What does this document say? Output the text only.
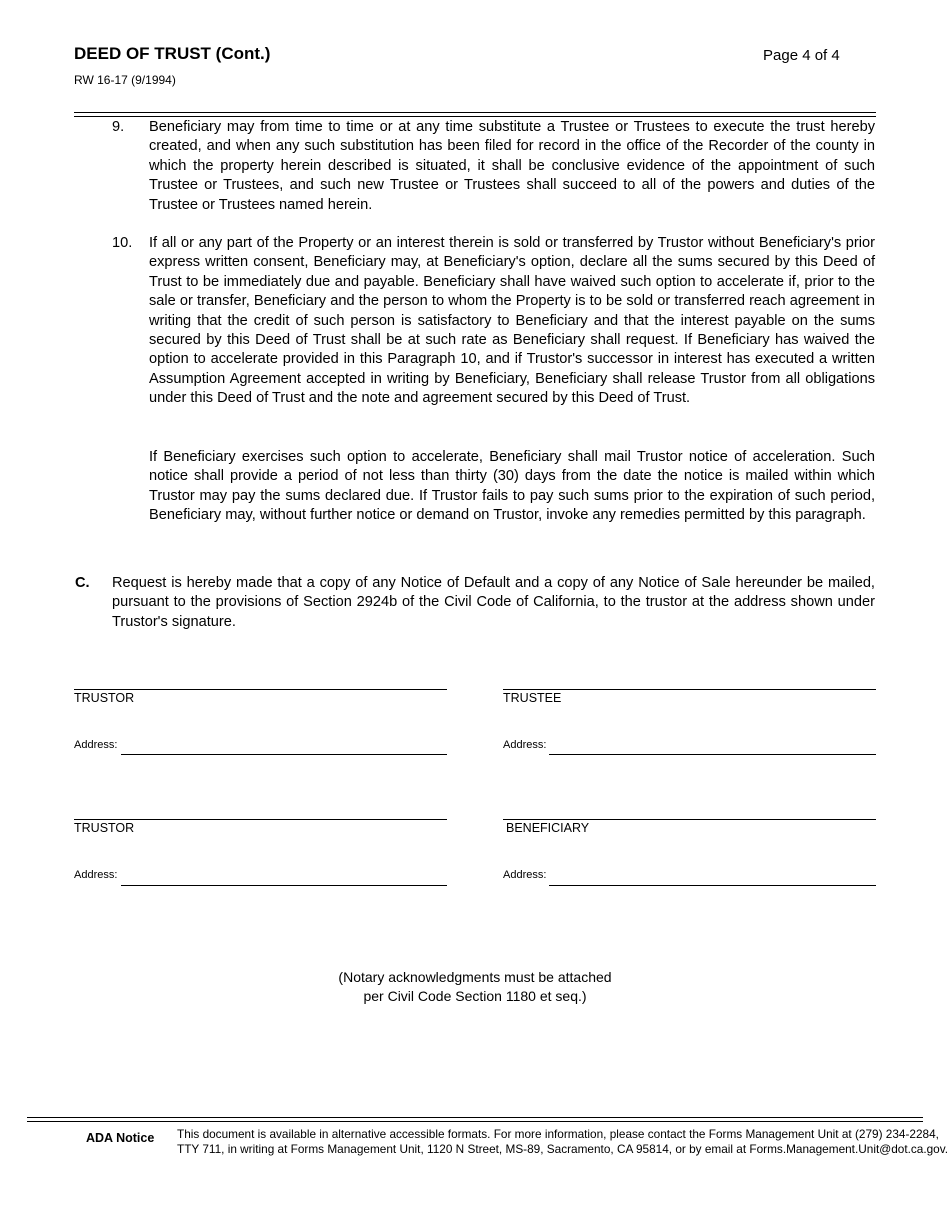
DEED OF TRUST (Cont.)
RW 16-17 (9/1994)
Page 4 of 4
9. Beneficiary may from time to time or at any time substitute a Trustee or Trustees to execute the trust hereby created, and when any such substitution has been filed for record in the office of the Recorder of the county in which the property herein described is situated, it shall be conclusive evidence of the appointment of such Trustee or Trustees, and such new Trustee or Trustees shall succeed to all of the powers and duties of the Trustee or Trustees named herein.
10. If all or any part of the Property or an interest therein is sold or transferred by Trustor without Beneficiary's prior express written consent, Beneficiary may, at Beneficiary's option, declare all the sums secured by this Deed of Trust to be immediately due and payable. Beneficiary shall have waived such option to accelerate if, prior to the sale or transfer, Beneficiary and the person to whom the Property is to be sold or transferred reach agreement in writing that the credit of such person is satisfactory to Beneficiary and that the interest payable on the sums secured by this Deed of Trust shall be at such rate as Beneficiary shall request. If Beneficiary has waived the option to accelerate provided in this Paragraph 10, and if Trustor's successor in interest has executed a written Assumption Agreement accepted in writing by Beneficiary, Beneficiary shall release Trustor from all obligations under this Deed of Trust and the note and agreement secured by this Deed of Trust.
If Beneficiary exercises such option to accelerate, Beneficiary shall mail Trustor notice of acceleration. Such notice shall provide a period of not less than thirty (30) days from the date the notice is mailed within which Trustor may pay the sums declared due. If Trustor fails to pay such sums prior to the expiration of such period, Beneficiary may, without further notice or demand on Trustor, invoke any remedies permitted by this paragraph.
C. Request is hereby made that a copy of any Notice of Default and a copy of any Notice of Sale hereunder be mailed, pursuant to the provisions of Section 2924b of the Civil Code of California, to the trustor at the address shown under Trustor's signature.
TRUSTOR
Address:
TRUSTEE
Address:
TRUSTOR
Address:
BENEFICIARY
Address:
(Notary acknowledgments must be attached
per Civil Code Section 1180 et seq.)
ADA Notice This document is available in alternative accessible formats. For more information, please contact the Forms Management Unit at (279) 234-2284,
TTY 711, in writing at Forms Management Unit, 1120 N Street, MS-89, Sacramento, CA 95814, or by email at Forms.Management.Unit@dot.ca.gov.
